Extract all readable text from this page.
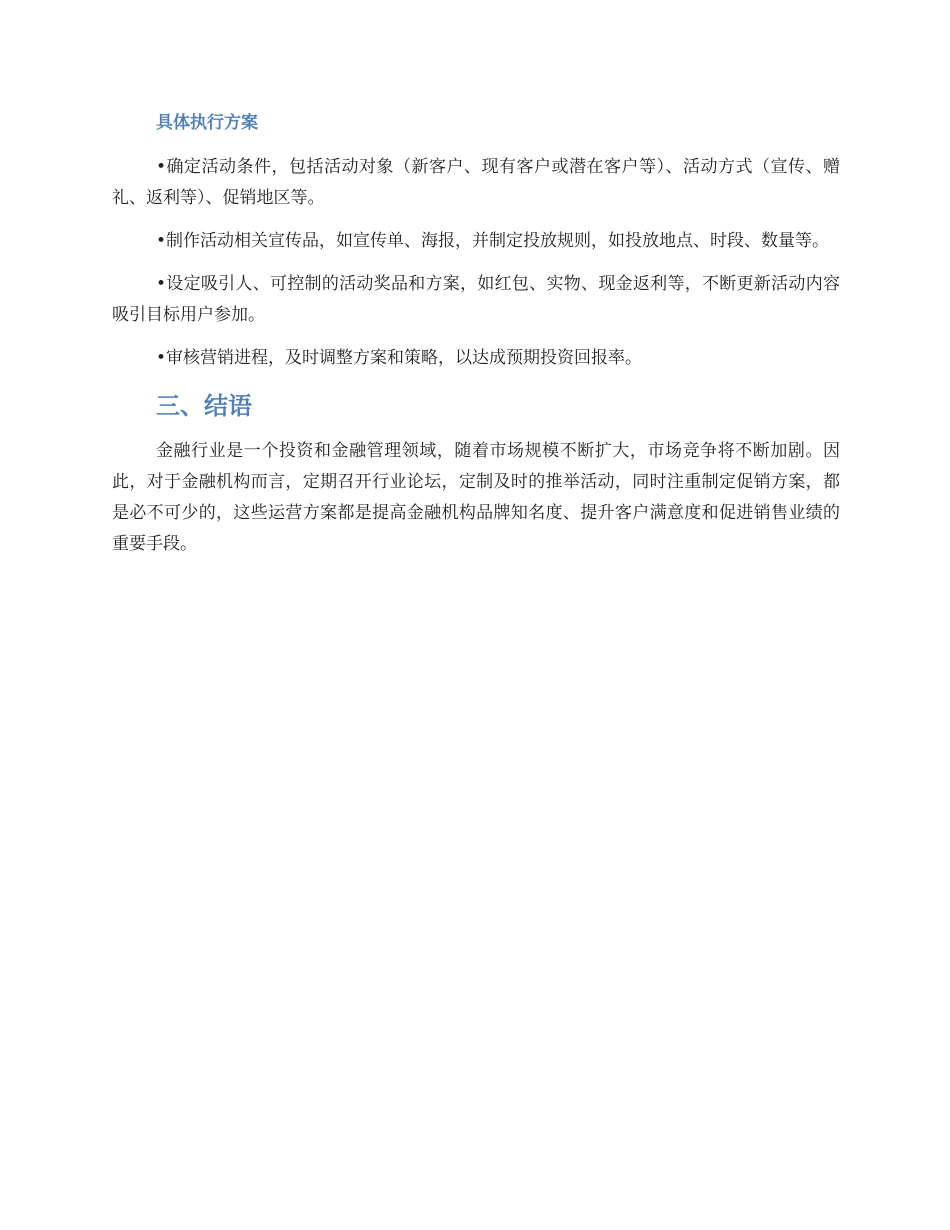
具体执行方案

•确定活动条件，包括活动对象（新客户、现有客户或潜在客户等）、活动方式（宣传、赠礼、返利等）、促销地区等。

•制作活动相关宣传品，如宣传单、海报，并制定投放规则，如投放地点、时段、数量等。

•设定吸引人、可控制的活动奖品和方案，如红包、实物、现金返利等，不断更新活动内容吸引目标用户参加。

•审核营销进程，及时调整方案和策略，以达成预期投资回报率。

三、结语

金融行业是一个投资和金融管理领域，随着市场规模不断扩大，市场竞争将不断加剧。因此，对于金融机构而言，定期召开行业论坛，定制及时的推举活动，同时注重制定促销方案，都是必不可少的，这些运营方案都是提高金融机构品牌知名度、提升客户满意度和促进销售业绩的重要手段。
